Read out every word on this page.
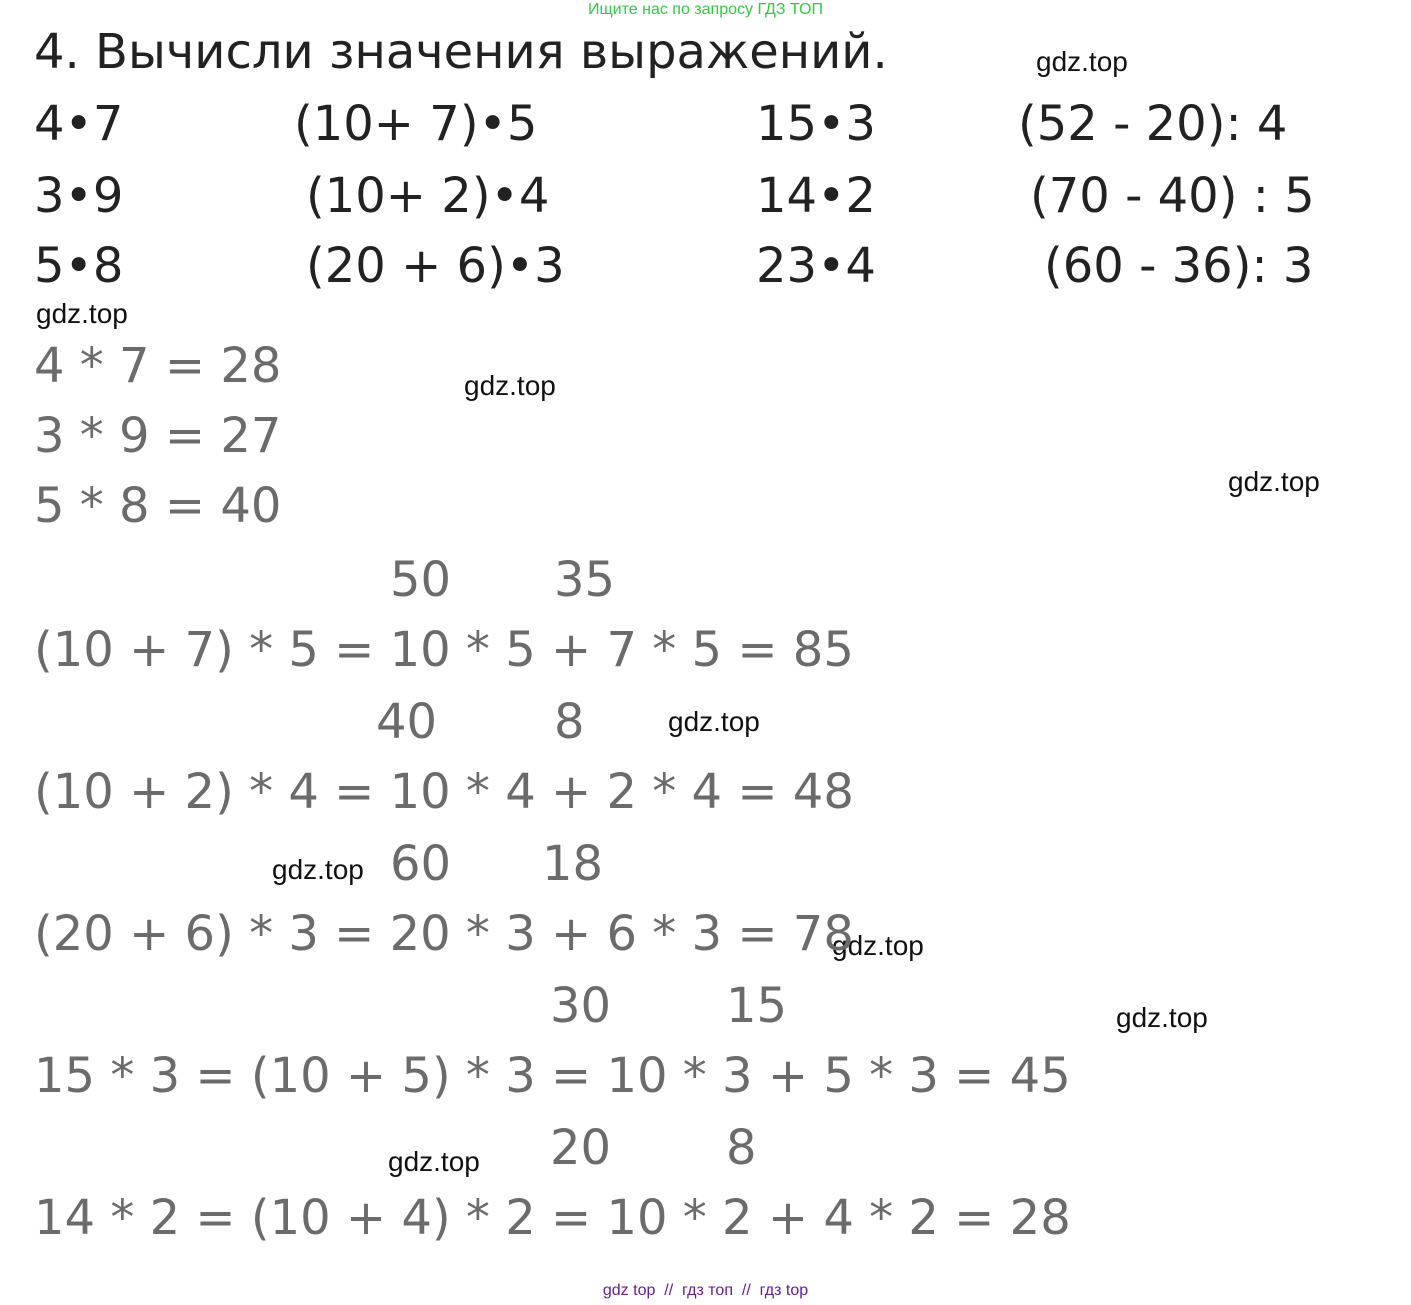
Ищите нас по запросу ГДЗ ТОП
4. Вычисли значения выражений.	gdz.top
4•7
3•9
5•8
(10+ 7)•5
(10+ 2)•4
(20 + 6)•3
15•3
14•2
23•4
(52 - 20): 4
(70 - 40) : 5
(60 - 36): 3
gdz.top
gdz.top
gdz.top
gdz.top
gdz.top
gdz.top
gdz.top
gdz.top
4 * 7 = 28
3 * 9 = 27
5 * 8 = 40
50 35
(10 + 7) * 5 = 10 * 5 + 7 * 5 = 85
40 8
(10 + 2) * 4 = 10 * 4 + 2 * 4 = 48
60 18
(20 + 6) * 3 = 20 * 3 + 6 * 3 = 78
30 15
15 * 3 = (10 + 5) * 3 = 10 * 3 + 5 * 3 = 45
20 8
14 * 2 = (10 + 4) * 2 = 10 * 2 + 4 * 2 = 28
gdz top  //  гдз топ  //  гдз top
